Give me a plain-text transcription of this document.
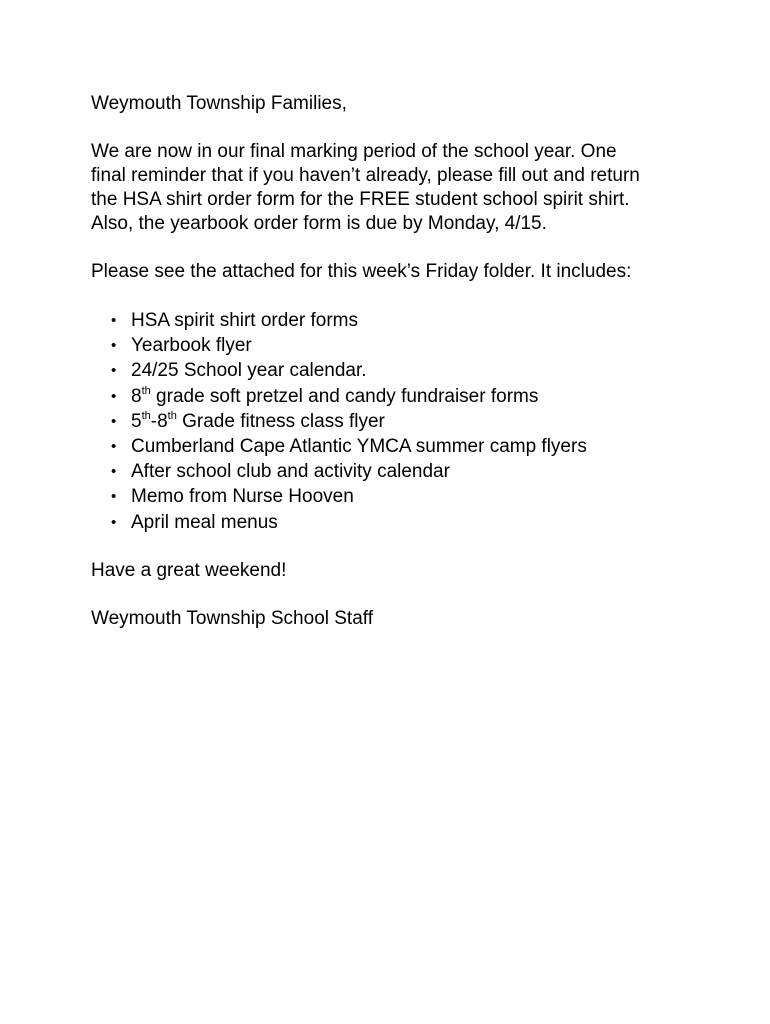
Weymouth Township Families,

We are now in our final marking period of the school year. One
final reminder that if you haven’t already, please fill out and return
the HSA shirt order form for the FREE student school spirit shirt.
Also, the yearbook order form is due by Monday, 4/15.

Please see the attached for this week’s Friday folder. It includes:

• HSA spirit shirt order forms
• Yearbook flyer
• 24/25 School year calendar.
• 8th grade soft pretzel and candy fundraiser forms
• 5th-8th Grade fitness class flyer
• Cumberland Cape Atlantic YMCA summer camp flyers
• After school club and activity calendar
• Memo from Nurse Hooven
• April meal menus

Have a great weekend!

Weymouth Township School Staff
